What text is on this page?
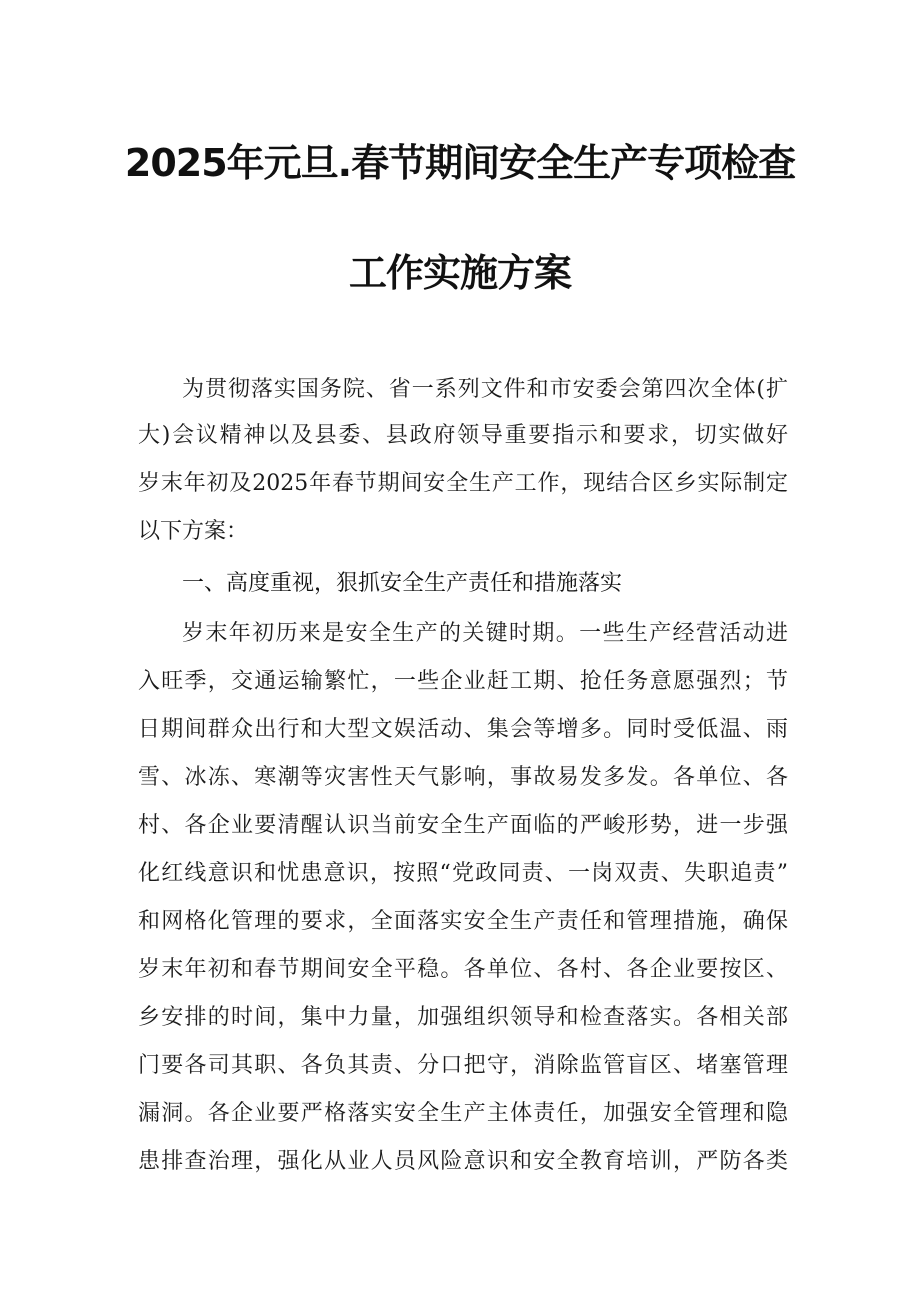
2025年元旦.春节期间安全生产专项检查
工作实施方案
为贯彻落实国务院、省一系列文件和市安委会第四次全体(扩
大)会议精神以及县委、县政府领导重要指示和要求，切实做好
岁末年初及2025年春节期间安全生产工作，现结合区乡实际制定
以下方案：
一、高度重视，狠抓安全生产责任和措施落实
岁末年初历来是安全生产的关键时期。一些生产经营活动进
入旺季，交通运输繁忙，一些企业赶工期、抢任务意愿强烈；节
日期间群众出行和大型文娱活动、集会等增多。同时受低温、雨
雪、冰冻、寒潮等灾害性天气影响，事故易发多发。各单位、各
村、各企业要清醒认识当前安全生产面临的严峻形势，进一步强
化红线意识和忧患意识，按照“党政同责、一岗双责、失职追责”
和网格化管理的要求，全面落实安全生产责任和管理措施，确保
岁末年初和春节期间安全平稳。各单位、各村、各企业要按区、
乡安排的时间，集中力量，加强组织领导和检查落实。各相关部
门要各司其职、各负其责、分口把守，消除监管盲区、堵塞管理
漏洞。各企业要严格落实安全生产主体责任，加强安全管理和隐
患排查治理，强化从业人员风险意识和安全教育培训，严防各类
